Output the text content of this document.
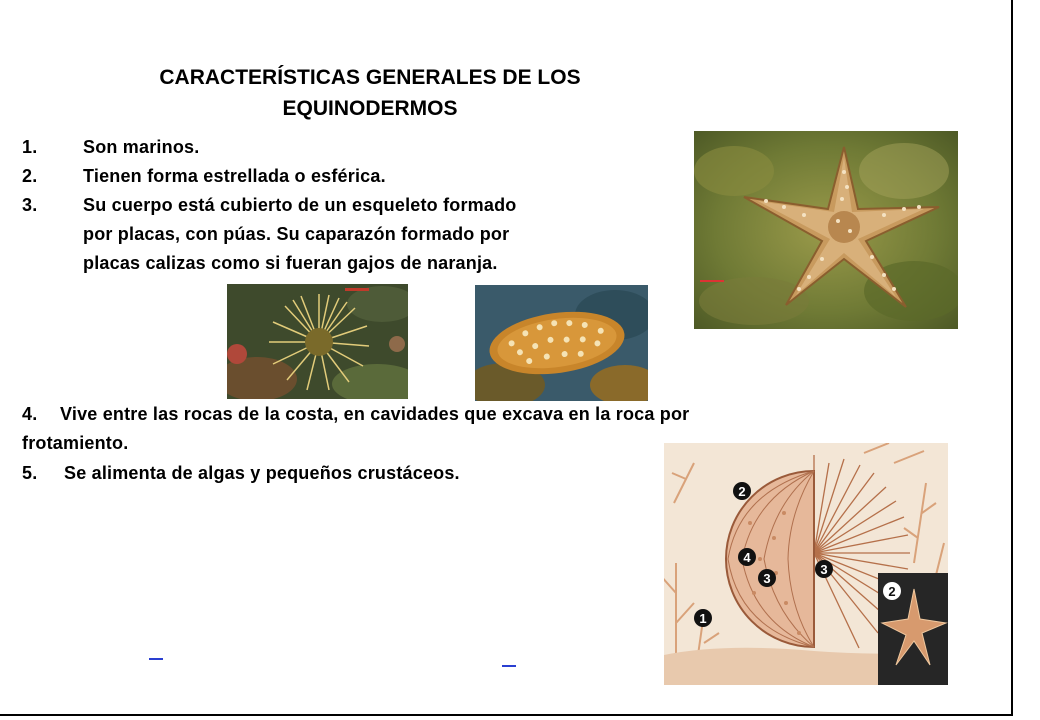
CARACTERÍSTICAS GENERALES DE LOS
EQUINODERMOS
1.	Son marinos.
2.	Tienen forma estrellada o esférica.
3.	Su cuerpo está cubierto de un esqueleto formado
por placas, con púas. Su caparazón formado por
placas calizas como si fueran gajos de naranja.
4. Vive entre las rocas de la costa, en cavidades que excava en la roca por
frotamiento.
5. Se alimenta de algas y pequeños crustáceos.
2
4
3
3
1
2
